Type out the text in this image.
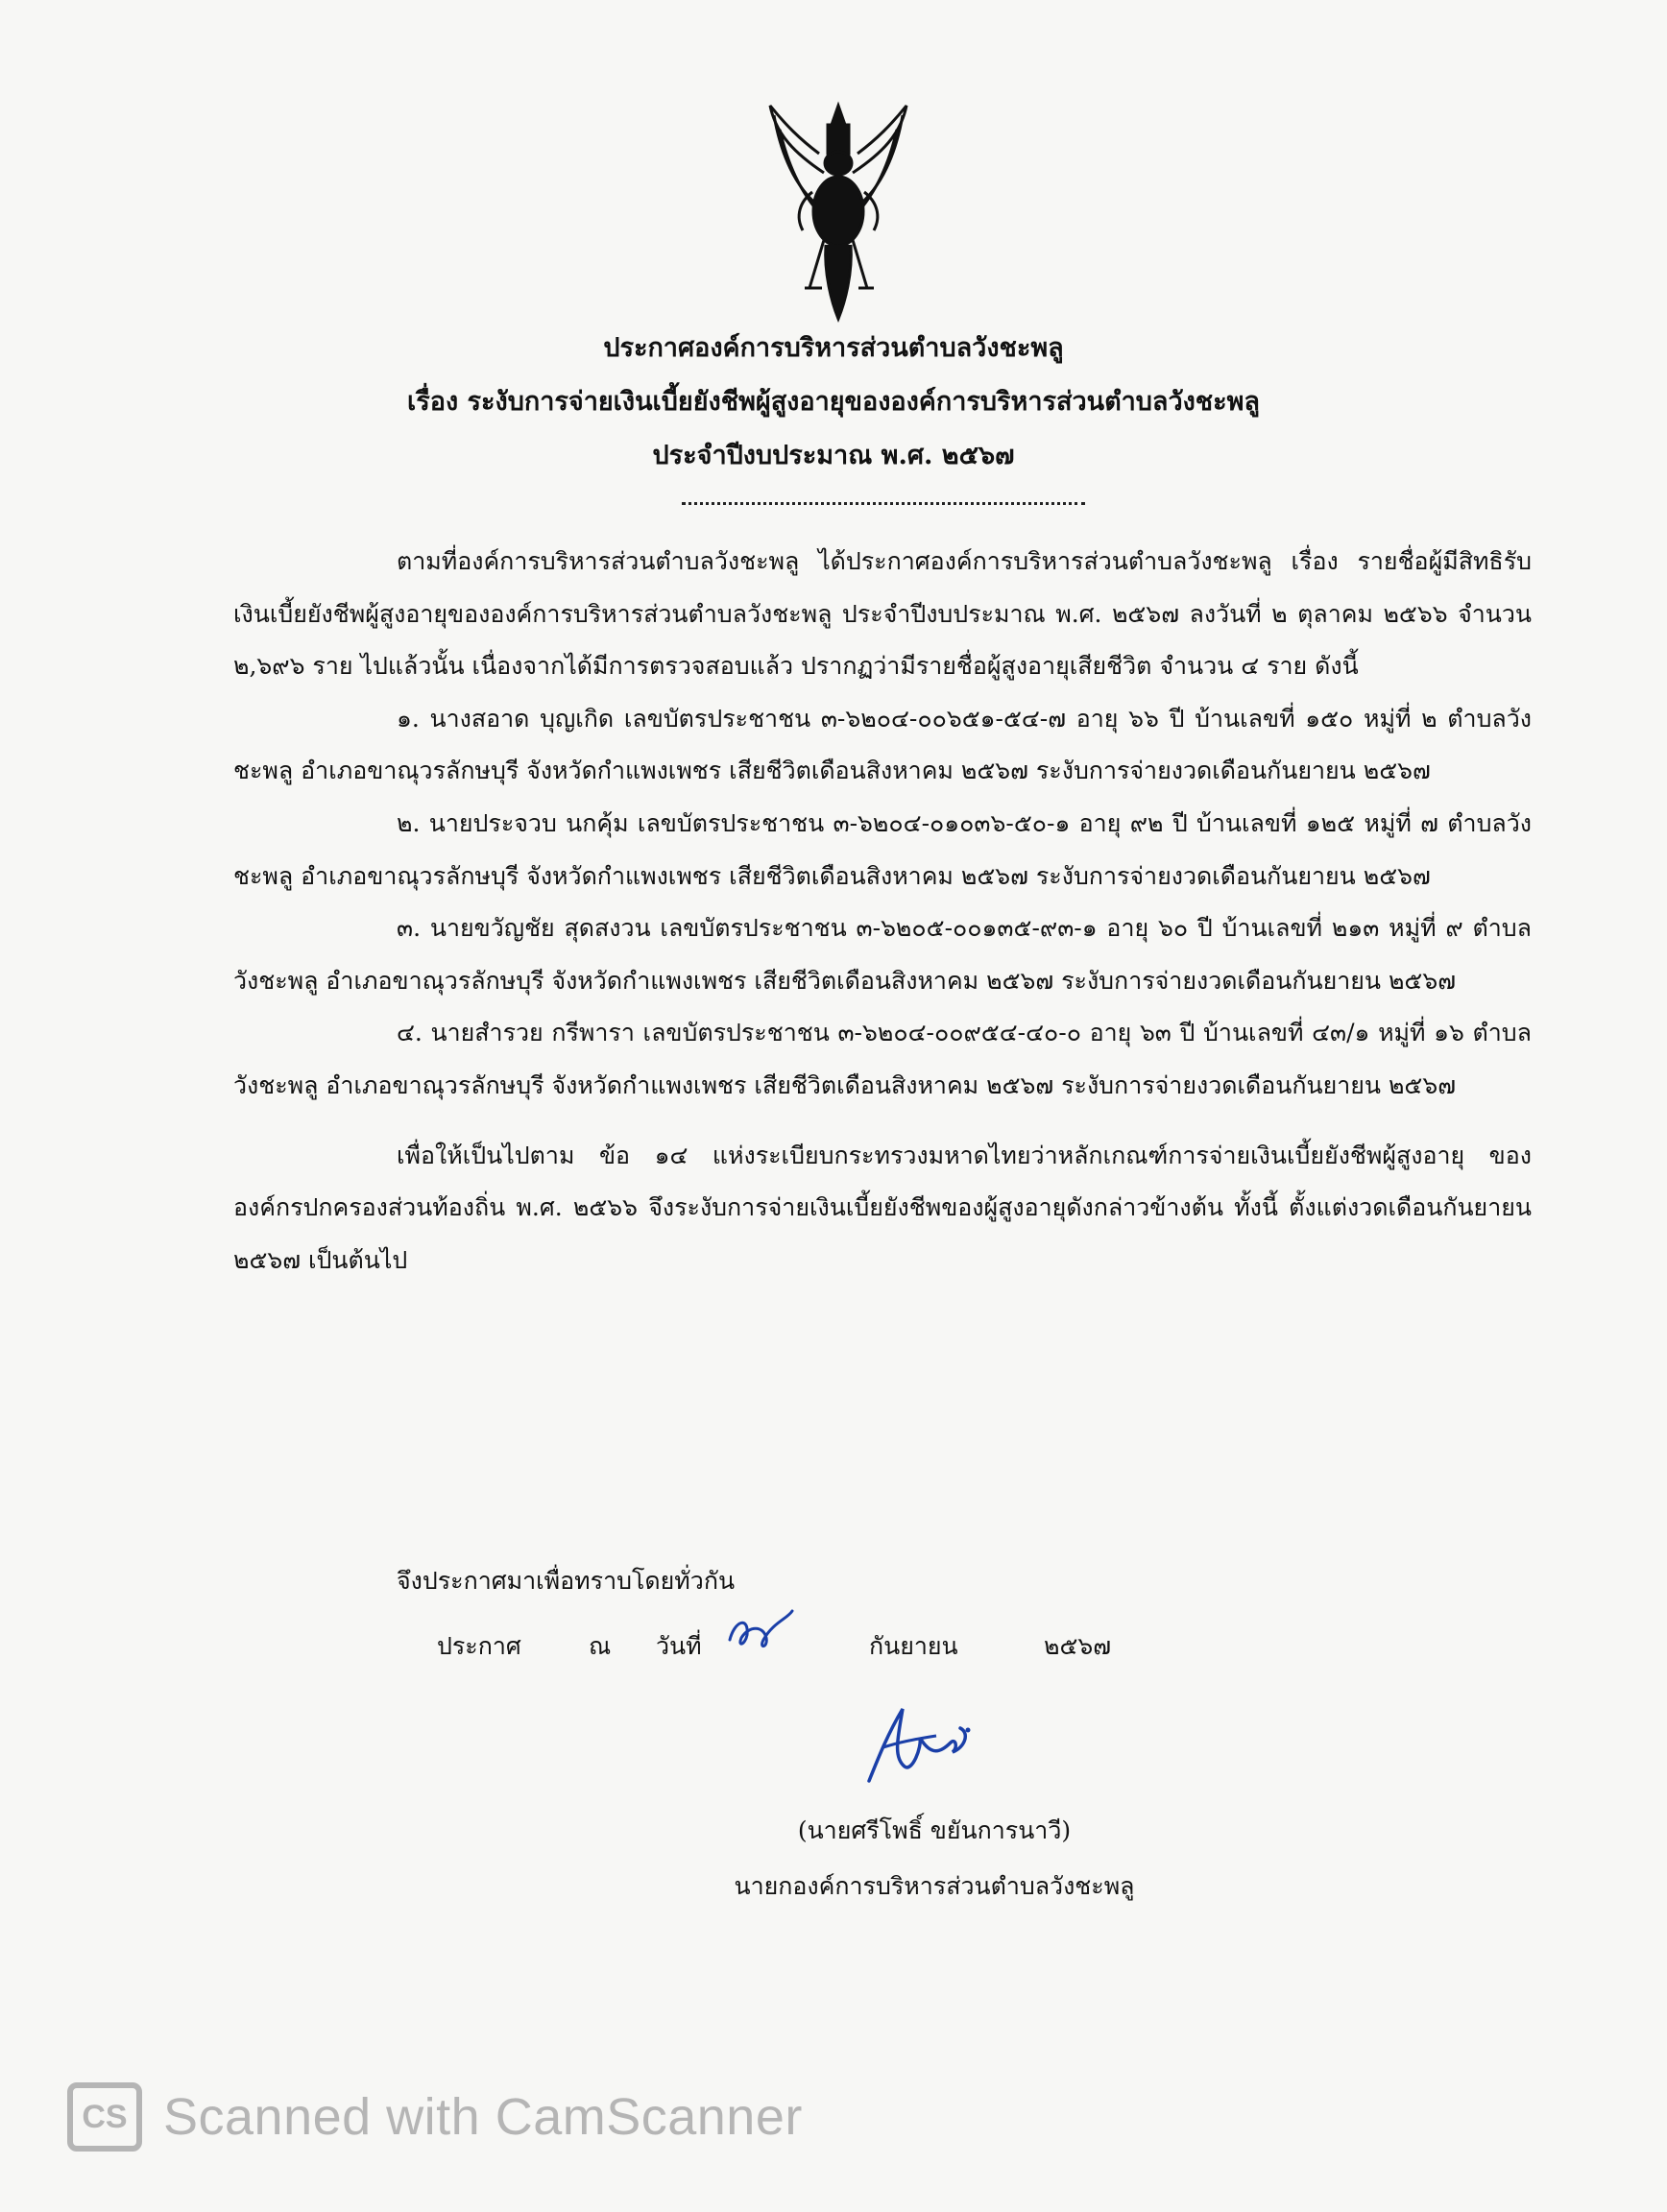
ประกาศองค์การบริหารส่วนตำบลวังชะพลู
เรื่อง ระงับการจ่ายเงินเบี้ยยังชีพผู้สูงอายุขององค์การบริหารส่วนตำบลวังชะพลู
ประจำปีงบประมาณ พ.ศ. ๒๕๖๗

ตามที่องค์การบริหารส่วนตำบลวังชะพลู ได้ประกาศองค์การบริหารส่วนตำบลวังชะพลู เรื่อง รายชื่อผู้มีสิทธิรับเงินเบี้ยยังชีพผู้สูงอายุขององค์การบริหารส่วนตำบลวังชะพลู ประจำปีงบประมาณ พ.ศ. ๒๕๖๗ ลงวันที่ ๒ ตุลาคม ๒๕๖๖ จำนวน ๒,๖๙๖ ราย ไปแล้วนั้น เนื่องจากได้มีการตรวจสอบแล้ว ปรากฏว่ามีรายชื่อผู้สูงอายุเสียชีวิต จำนวน ๔ ราย ดังนี้

๑. นางสอาด บุญเกิด เลขบัตรประชาชน ๓-๖๒๐๔-๐๐๖๕๑-๕๔-๗ อายุ ๖๖ ปี บ้านเลขที่ ๑๕๐ หมู่ที่ ๒ ตำบลวังชะพลู อำเภอขาณุวรลักษบุรี จังหวัดกำแพงเพชร เสียชีวิตเดือนสิงหาคม ๒๕๖๗ ระงับการจ่ายงวดเดือนกันยายน ๒๕๖๗

๒. นายประจวบ นกคุ้ม เลขบัตรประชาชน ๓-๖๒๐๔-๐๑๐๓๖-๕๐-๑ อายุ ๙๒ ปี บ้านเลขที่ ๑๒๕ หมู่ที่ ๗ ตำบลวังชะพลู อำเภอขาณุวรลักษบุรี จังหวัดกำแพงเพชร เสียชีวิตเดือนสิงหาคม ๒๕๖๗ ระงับการจ่ายงวดเดือนกันยายน ๒๕๖๗

๓. นายขวัญชัย สุดสงวน เลขบัตรประชาชน ๓-๖๒๐๕-๐๐๑๓๕-๙๓-๑ อายุ ๖๐ ปี บ้านเลขที่ ๒๑๓ หมู่ที่ ๙ ตำบลวังชะพลู อำเภอขาณุวรลักษบุรี จังหวัดกำแพงเพชร เสียชีวิตเดือนสิงหาคม ๒๕๖๗ ระงับการจ่ายงวดเดือนกันยายน ๒๕๖๗

๔. นายสำรวย กรีพารา เลขบัตรประชาชน ๓-๖๒๐๔-๐๐๙๕๔-๔๐-๐ อายุ ๖๓ ปี บ้านเลขที่ ๔๓/๑ หมู่ที่ ๑๖ ตำบลวังชะพลู อำเภอขาณุวรลักษบุรี จังหวัดกำแพงเพชร เสียชีวิตเดือนสิงหาคม ๒๕๖๗ ระงับการจ่ายงวดเดือนกันยายน ๒๕๖๗

เพื่อให้เป็นไปตาม ข้อ ๑๔ แห่งระเบียบกระทรวงมหาดไทยว่าหลักเกณฑ์การจ่ายเงินเบี้ยยังชีพผู้สูงอายุ ขององค์กรปกครองส่วนท้องถิ่น พ.ศ. ๒๕๖๖ จึงระงับการจ่ายเงินเบี้ยยังชีพของผู้สูงอายุดังกล่าวข้างต้น ทั้งนี้ ตั้งแต่งวดเดือนกันยายน ๒๕๖๗ เป็นต้นไป

จึงประกาศมาเพื่อทราบโดยทั่วกัน
ประกาศ	ณ วันที่	กันยายน	๒๕๖๗
(นายศรีโพธิ์ ขยันการนาวี)
นายกองค์การบริหารส่วนตำบลวังชะพลู
CS Scanned with CamScanner
